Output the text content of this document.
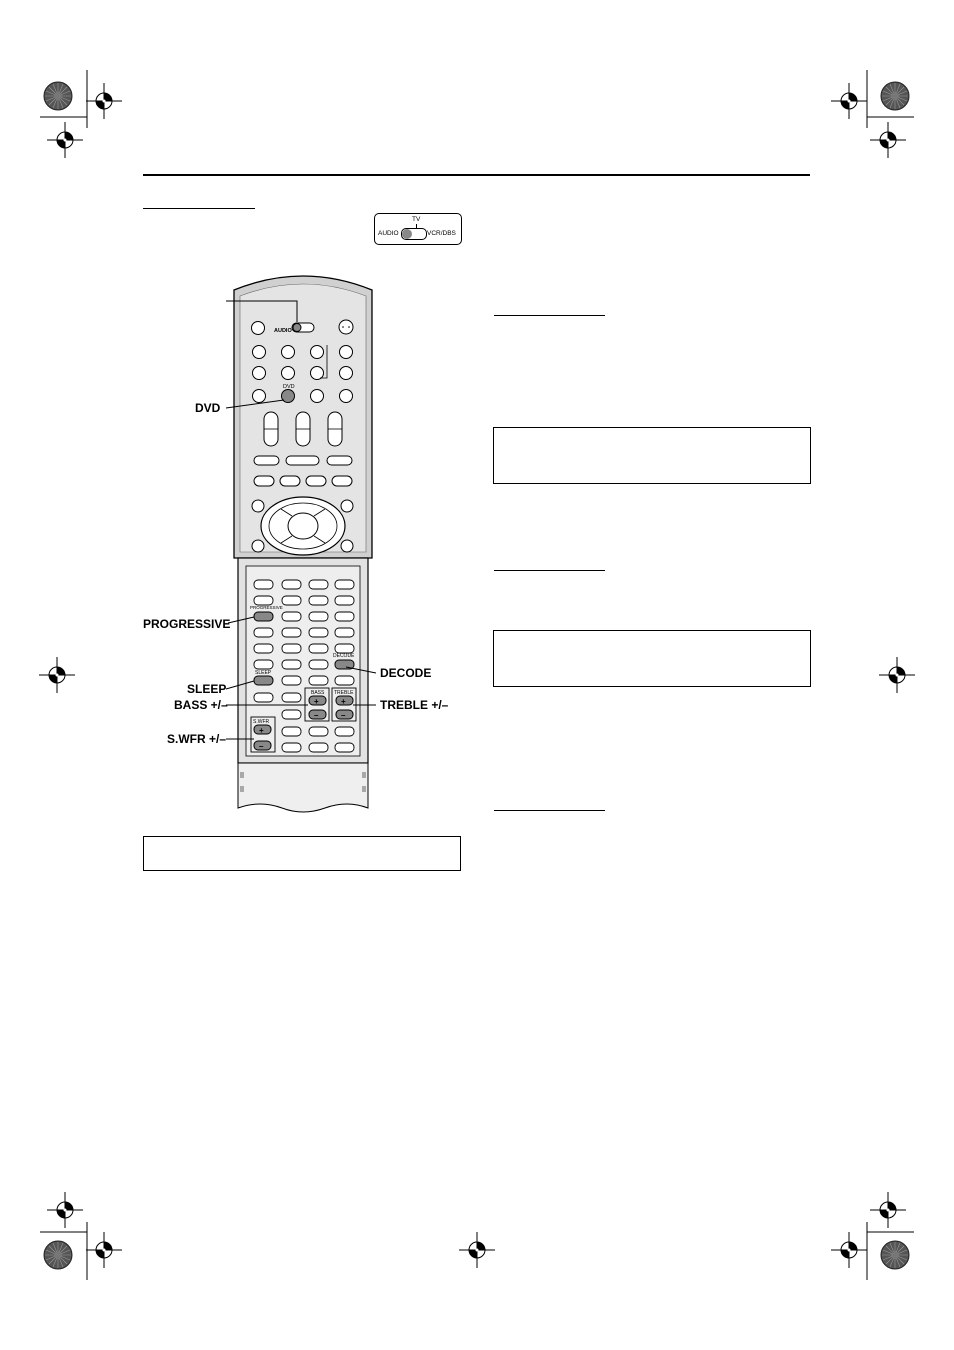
TV
AUDIO	VCR/DBS
AUDIO
DVD
PROGRESSIVE
DECODE
SLEEP
BASS
+
–
TREBLE
+
–
S.WFR
+
–
DVD
PROGRESSIVE
SLEEP
BASS +/–
S.WFR +/–
DECODE
TREBLE +/–
